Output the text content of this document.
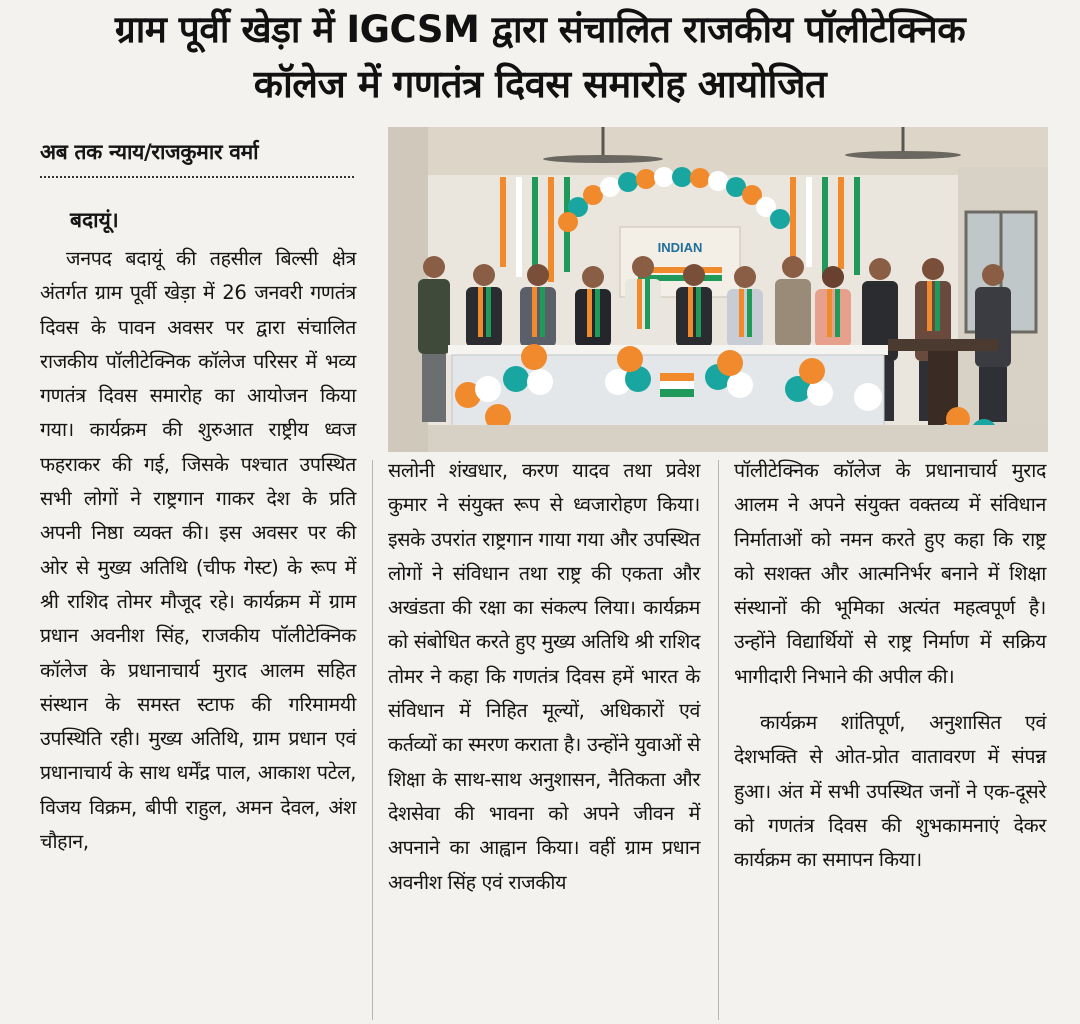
ग्राम पूर्वी खेड़ा में IGCSM द्वारा संचालित राजकीय पॉलीटेक्निक
कॉलेज में गणतंत्र दिवस समारोह आयोजित
अब तक न्याय/राजकुमार वर्मा
बदायूं।

जनपद बदायूं की तहसील बिल्सी क्षेत्र अंतर्गत ग्राम पूर्वी खेड़ा में 26 जनवरी गणतंत्र दिवस के पावन अवसर पर द्वारा संचालित राजकीय पॉलीटेक्निक कॉलेज परिसर में भव्य गणतंत्र दिवस समारोह का आयोजन किया गया। कार्यक्रम की शुरुआत राष्ट्रीय ध्वज फहराकर की गई, जिसके पश्चात उपस्थित सभी लोगों ने राष्ट्रगान गाकर देश के प्रति अपनी निष्ठा व्यक्त की। इस अवसर पर की ओर से मुख्य अतिथि (चीफ गेस्ट) के रूप में श्री राशिद तोमर मौजूद रहे। कार्यक्रम में ग्राम प्रधान अवनीश सिंह, राजकीय पॉलीटेक्निक कॉलेज के प्रधानाचार्य मुराद आलम सहित संस्थान के समस्त स्टाफ की गरिमामयी उपस्थिति रही। मुख्य अतिथि, ग्राम प्रधान एवं प्रधानाचार्य के साथ धर्मेंद्र पाल, आकाश पटेल, विजय विक्रम, बीपी राहुल, अमन देवल, अंश चौहान,

सलोनी शंखधार, करण यादव तथा प्रवेश कुमार ने संयुक्त रूप से ध्वजारोहण किया। इसके उपरांत राष्ट्रगान गाया गया और उपस्थित लोगों ने संविधान तथा राष्ट्र की एकता और अखंडता की रक्षा का संकल्प लिया। कार्यक्रम को संबोधित करते हुए मुख्य अतिथि श्री राशिद तोमर ने कहा कि गणतंत्र दिवस हमें भारत के संविधान में निहित मूल्यों, अधिकारों एवं कर्तव्यों का स्मरण कराता है। उन्होंने युवाओं से शिक्षा के साथ-साथ अनुशासन, नैतिकता और देशसेवा की भावना को अपने जीवन में अपनाने का आह्वान किया। वहीं ग्राम प्रधान अवनीश सिंह एवं राजकीय

पॉलीटेक्निक कॉलेज के प्रधानाचार्य मुराद आलम ने अपने संयुक्त वक्तव्य में संविधान निर्माताओं को नमन करते हुए कहा कि राष्ट्र को सशक्त और आत्मनिर्भर बनाने में शिक्षा संस्थानों की भूमिका अत्यंत महत्वपूर्ण है। उन्होंने विद्यार्थियों से राष्ट्र निर्माण में सक्रिय भागीदारी निभाने की अपील की।

कार्यक्रम शांतिपूर्ण, अनुशासित एवं देशभक्ति से ओत-प्रोत वातावरण में संपन्न हुआ। अंत में सभी उपस्थित जनों ने एक-दूसरे को गणतंत्र दिवस की शुभकामनाएं देकर कार्यक्रम का समापन किया।

INDIAN
